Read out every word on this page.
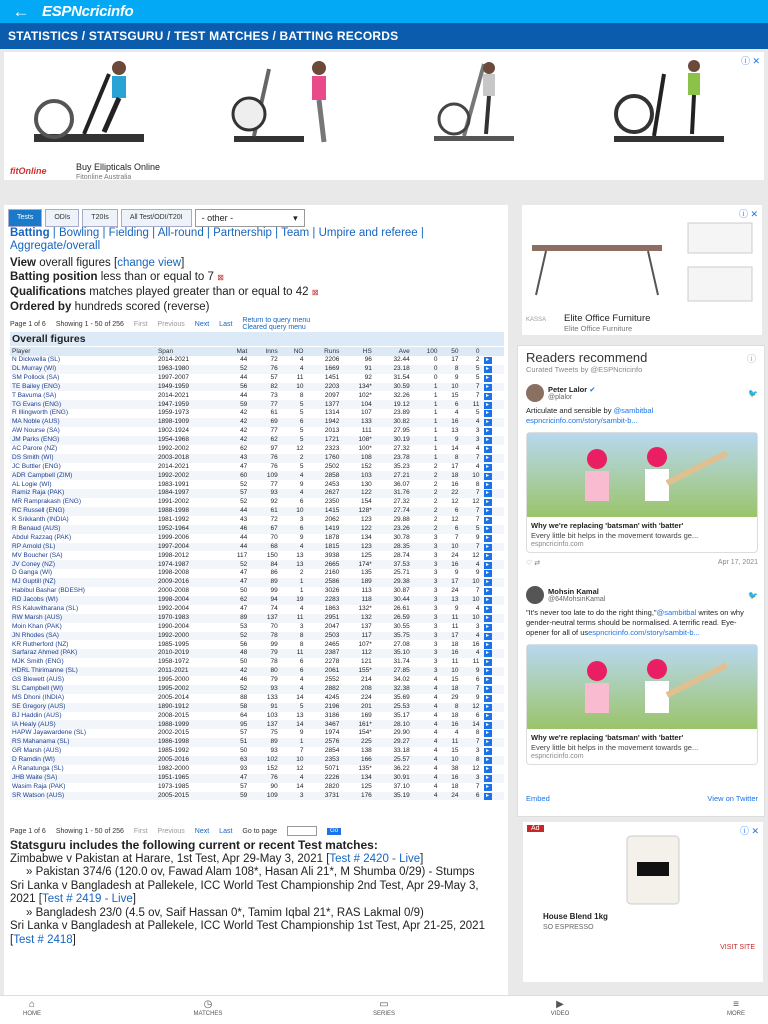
← ESPNcricinfo
STATISTICS / STATSGURU / TEST MATCHES / BATTING RECORDS
ⓘ ✕
fitOnline	Buy Ellipticals Online
Fitonline Australia
Tests	ODIs	T20Is	All Test/ODI/T20I	- other -	▾
Batting | Bowling | Fielding | All-round | Partnership | Team | Umpire and referee | Aggregate/overall
View overall figures [change view]
Batting position less than or equal to 7 ⊠
Qualifications matches played greater than or equal to 42 ⊠
Ordered by hundreds scored (reverse)
Page 1 of 6 Showing 1 - 50 of 256 First Previous Next Last Return to query menu
Cleared query menu
Overall figures
Player	Span	Mat	Inns	NO	Runs	HS	Ave	100	50	0	
N Dickwella (SL)	2014-2021	44	72	4	2206	96	32.44	0	17	2	▸
DL Murray (WI)	1963-1980	52	76	4	1669	91	23.18	0	8	5	▸
SM Pollock (SA)	1997-2007	44	57	11	1451	92	31.54	0	9	5	▸
TE Bailey (ENG)	1949-1959	56	82	10	2203	134*	30.59	1	10	7	▸
T Bavuma (SA)	2014-2021	44	73	8	2097	102*	32.26	1	15	7	▸
TG Evans (ENG)	1947-1959	59	77	5	1377	104	19.12	1	6	11	▸
R Illingworth (ENG)	1959-1973	42	61	5	1314	107	23.89	1	4	5	▸
MA Noble (AUS)	1898-1909	42	69	6	1942	133	30.82	1	16	4	▸
AW Nourse (SA)	1902-1924	42	77	5	2013	111	27.95	1	13	3	▸
JM Parks (ENG)	1954-1968	42	62	5	1721	108*	30.19	1	9	3	▸
AC Parore (NZ)	1992-2002	62	97	12	2323	100*	27.32	1	14	4	▸
DS Smith (WI)	2003-2018	43	76	2	1760	108	23.78	1	8	7	▸
JC Buttler (ENG)	2014-2021	47	76	5	2502	152	35.23	2	17	4	▸
ADR Campbell (ZIM)	1992-2002	60	109	4	2858	103	27.21	2	18	10	▸
AL Logie (WI)	1983-1991	52	77	9	2453	130	36.07	2	16	8	▸
Ramiz Raja (PAK)	1984-1997	57	93	4	2627	122	31.76	2	22	7	▸
MR Ramprakash (ENG)	1991-2002	52	92	6	2350	154	27.32	2	12	12	▸
RC Russell (ENG)	1988-1998	44	61	10	1415	128*	27.74	2	6	7	▸
K Srikkanth (INDIA)	1981-1992	43	72	3	2062	123	29.88	2	12	7	▸
R Benaud (AUS)	1952-1964	46	67	6	1419	122	23.26	2	6	5	▸
Abdul Razzaq (PAK)	1999-2006	44	70	9	1878	134	30.78	3	7	9	▸
RP Arnold (SL)	1997-2004	44	68	4	1815	123	28.35	3	10	7	▸
MV Boucher (SA)	1998-2012	117	150	13	3938	125	28.74	3	24	12	▸
JV Coney (NZ)	1974-1987	52	84	13	2665	174*	37.53	3	16	4	▸
D Ganga (WI)	1998-2008	47	86	2	2160	135	25.71	3	9	9	▸
MJ Guptill (NZ)	2009-2016	47	89	1	2586	189	29.38	3	17	10	▸
Habibul Bashar (BDESH)	2000-2008	50	99	1	3026	113	30.87	3	24	7	▸
RD Jacobs (WI)	1998-2004	62	94	19	2283	118	30.44	3	13	10	▸
RS Kaluwitharana (SL)	1992-2004	47	74	4	1863	132*	26.61	3	9	4	▸
RW Marsh (AUS)	1970-1983	89	137	11	2951	132	26.59	3	11	10	▸
Moin Khan (PAK)	1990-2004	53	70	3	2047	137	30.55	3	11	3	▸
JN Rhodes (SA)	1992-2000	52	78	8	2503	117	35.75	3	17	4	▸
KR Rutherford (NZ)	1985-1995	56	99	8	2465	107*	27.08	3	18	16	▸
Sarfaraz Ahmed (PAK)	2010-2019	48	79	11	2387	112	35.10	3	16	4	▸
MJK Smith (ENG)	1958-1972	50	78	6	2278	121	31.74	3	11	11	▸
HDRL Thirimanne (SL)	2011-2021	42	80	6	2061	155*	27.85	3	10	9	▸
GS Blewett (AUS)	1995-2000	46	79	4	2552	214	34.02	4	15	6	▸
SL Campbell (WI)	1995-2002	52	93	4	2882	208	32.38	4	18	7	▸
MS Dhoni (INDIA)	2005-2014	88	133	14	4245	224	35.69	4	29	9	▸
SE Gregory (AUS)	1890-1912	58	91	5	2196	201	25.53	4	8	12	▸
BJ Haddin (AUS)	2008-2015	64	103	13	3186	169	35.17	4	18	6	▸
IA Healy (AUS)	1988-1999	95	137	14	3467	161*	28.10	4	16	14	▸
HAPW Jayawardene (SL)	2002-2015	57	75	9	1974	154*	29.90	4	4	8	▸
RS Mahanama (SL)	1986-1998	51	89	1	2576	225	29.27	4	11	7	▸
GR Marsh (AUS)	1985-1992	50	93	7	2854	138	33.18	4	15	3	▸
D Ramdin (WI)	2005-2016	63	102	10	2353	166	25.57	4	10	8	▸
A Ranatunga (SL)	1982-2000	93	152	12	5071	135*	36.22	4	38	12	▸
JHB Waite (SA)	1951-1965	47	76	4	2226	134	30.91	4	16	3	▸
Wasim Raja (PAK)	1973-1985	57	90	14	2820	125	37.10	4	18	7	▸
SR Watson (AUS)	2005-2015	59	109	3	3731	176	35.19	4	24	6	▸
Page 1 of 6 Showing 1 - 50 of 256 First Previous Next Last Go to page	Go
Statsguru includes the following current or recent Test matches:
Zimbabwe v Pakistan at Harare, 1st Test, Apr 29-May 3, 2021 [Test # 2420 - Live]
» Pakistan 374/6 (120.0 ov, Fawad Alam 108*, Hasan Ali 21*, M Shumba 0/29) - Stumps
Sri Lanka v Bangladesh at Pallekele, ICC World Test Championship 2nd Test, Apr 29-May 3, 2021 [Test # 2419 - Live]
» Bangladesh 23/0 (4.5 ov, Saif Hassan 0*, Tamim Iqbal 21*, RAS Lakmal 0/9)
Sri Lanka v Bangladesh at Pallekele, ICC World Test Championship 1st Test, Apr 21-25, 2021 [Test # 2418]
ⓘ ✕
KASSA Elite Office Furniture
Elite Office Furniture
Readers recommend	ⓘ
Curated Tweets by @ESPNcricinfo
Peter Lalor ✔
@plalor	🐦
Articulate and sensible by @sambitbal
espncricinfo.com/story/sambit-b...
Why we're replacing 'batsman' with 'batter'
Every little bit helps in the movement towards ge...
espncricinfo.com
♡ ⇄	Apr 17, 2021
Mohsin Kamal
@64MohsinKamal	🐦
"It's never too late to do the right thing,"@sambitbal writes on why gender-neutral terms should be normalised. A terrific read. Eye-opener for all of usespncricinfo.com/story/sambit-b...
Why we're replacing 'batsman' with 'batter'
Every little bit helps in the movement towards ge...
espncricinfo.com
Embed	View on Twitter
Ad	ⓘ ✕
House Blend 1kg
SO ESPRESSO
VISIT SITE
⌂
HOME
◷
MATCHES
▭
SERIES
▶
VIDEO
≡
MORE
